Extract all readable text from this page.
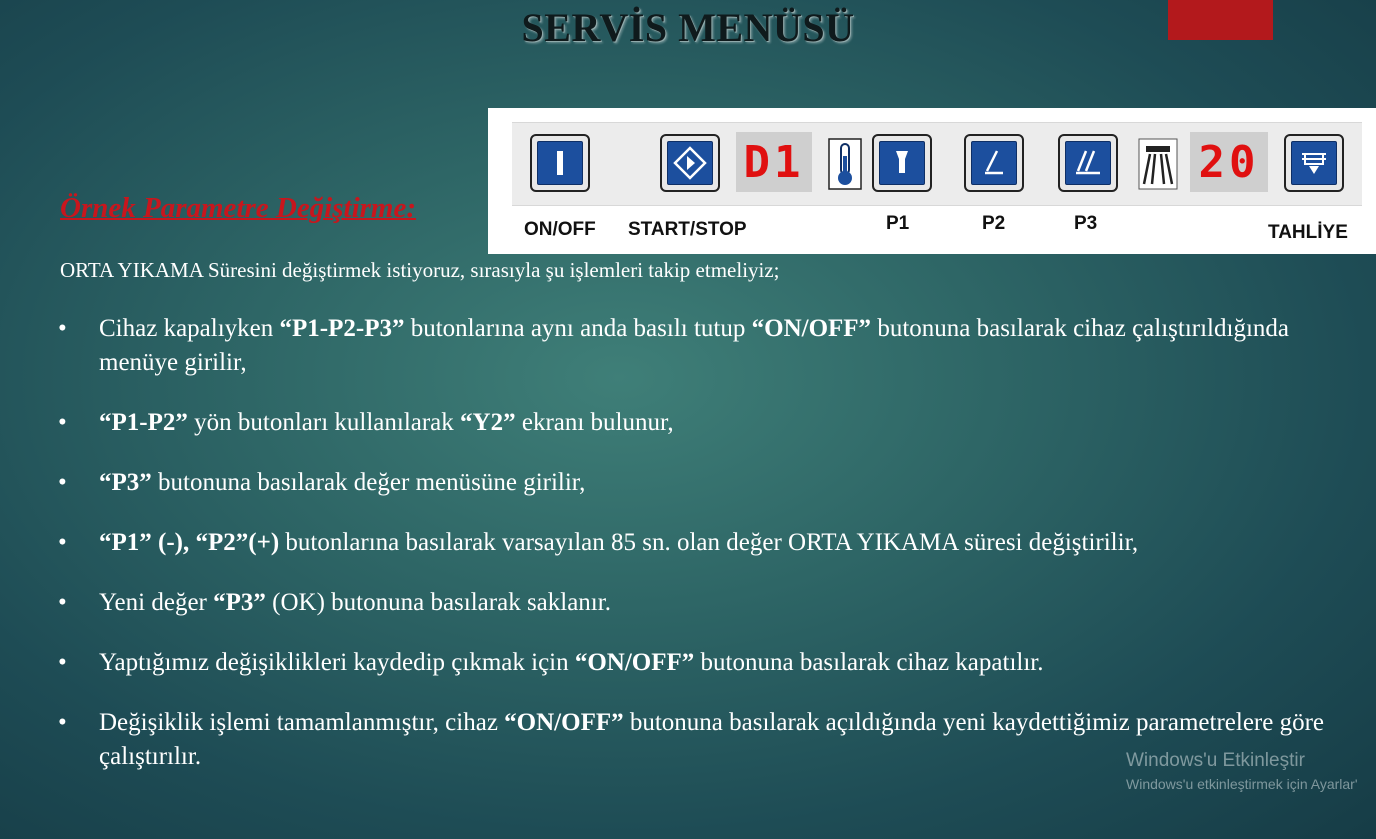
SERVİS MENÜSÜ
D1	20
ON/OFF START/STOP	P1	P2	P3	TAHLİYE
Örnek Parametre Değiştirme:
ORTA YIKAMA Süresini değiştirmek istiyoruz, sırasıyla şu işlemleri takip etmeliyiz;
• Cihaz kapalıyken “P1-P2-P3” butonlarına aynı anda basılı tutup “ON/OFF” butonuna basılarak cihaz çalıştırıldığında menüye girilir,
• “P1-P2” yön butonları kullanılarak “Y2” ekranı bulunur,
• “P3” butonuna basılarak değer menüsüne girilir,
• “P1” (-), “P2”(+) butonlarına basılarak varsayılan 85 sn. olan değer ORTA YIKAMA süresi değiştirilir,
• Yeni değer “P3” (OK) butonuna basılarak saklanır.
• Yaptığımız değişiklikleri kaydedip çıkmak için “ON/OFF” butonuna basılarak cihaz kapatılır.
• Değişiklik işlemi tamamlanmıştır, cihaz “ON/OFF” butonuna basılarak açıldığında yeni kaydettiğimiz parametrelere göre çalıştırılır.	Windows'u Etkinleştir
Windows'u etkinleştirmek için Ayarlar'
